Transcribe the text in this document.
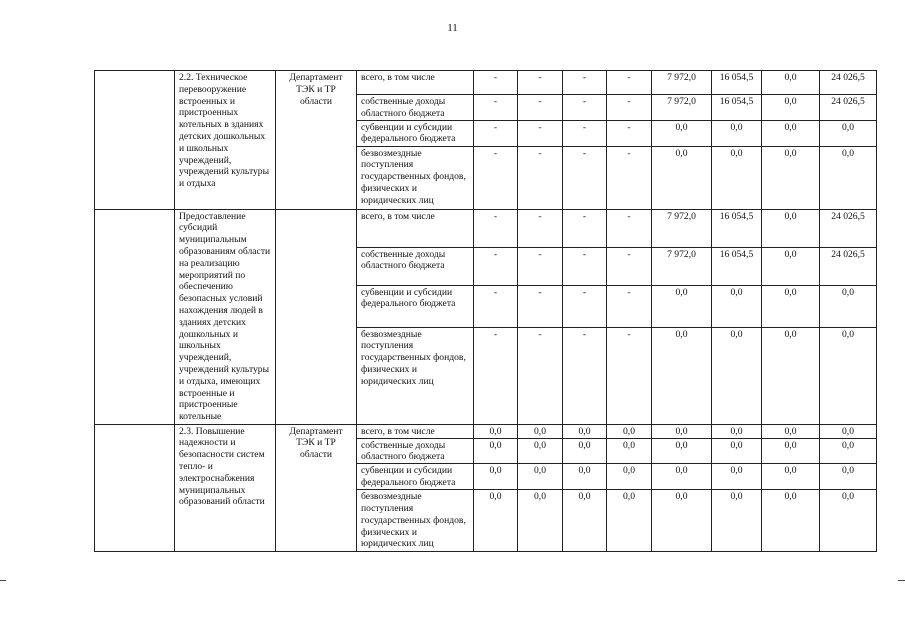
11
	2.2. Техническое перевооружение встроенных и пристроенных котельных в зданиях детских дошкольных и школьных учреждений, учреждений культуры и отдыха	Департамент ТЭК и ТР области	всего, в том числе	-	-	-	-	7 972,0	16 054,5	0,0	24 026,5
			собственные доходы областного бюджета	-	-	-	-	7 972,0	16 054,5	0,0	24 026,5
			субвенции и субсидии федерального бюджета	-	-	-	-	0,0	0,0	0,0	0,0
			безвозмездные поступления государственных фондов, физических и юридических лиц	-	-	-	-	0,0	0,0	0,0	0,0
	Предоставление субсидий муниципальным образованиям области на реализацию мероприятий по обеспечению безопасных условий нахождения людей в зданиях детских дошкольных и школьных учреждений, учреждений культуры и отдыха, имеющих встроенные и пристроенные котельные		всего, в том числе	-	-	-	-	7 972,0	16 054,5	0,0	24 026,5
			собственные доходы областного бюджета	-	-	-	-	7 972,0	16 054,5	0,0	24 026,5
			субвенции и субсидии федерального бюджета	-	-	-	-	0,0	0,0	0,0	0,0
			безвозмездные поступления государственных фондов, физических и юридических лиц	-	-	-	-	0,0	0,0	0,0	0,0
	2.3. Повышение надежности и безопасности систем тепло- и электроснабжения муниципальных образований области	Департамент ТЭК и ТР области	всего, в том числе	0,0	0,0	0,0	0,0	0,0	0,0	0,0	0,0
			собственные доходы областного бюджета	0,0	0,0	0,0	0,0	0,0	0,0	0,0	0,0
			субвенции и субсидии федерального бюджета	0,0	0,0	0,0	0,0	0,0	0,0	0,0	0,0
			безвозмездные поступления государственных фондов, физических и юридических лиц	0,0	0,0	0,0	0,0	0,0	0,0	0,0	0,0
